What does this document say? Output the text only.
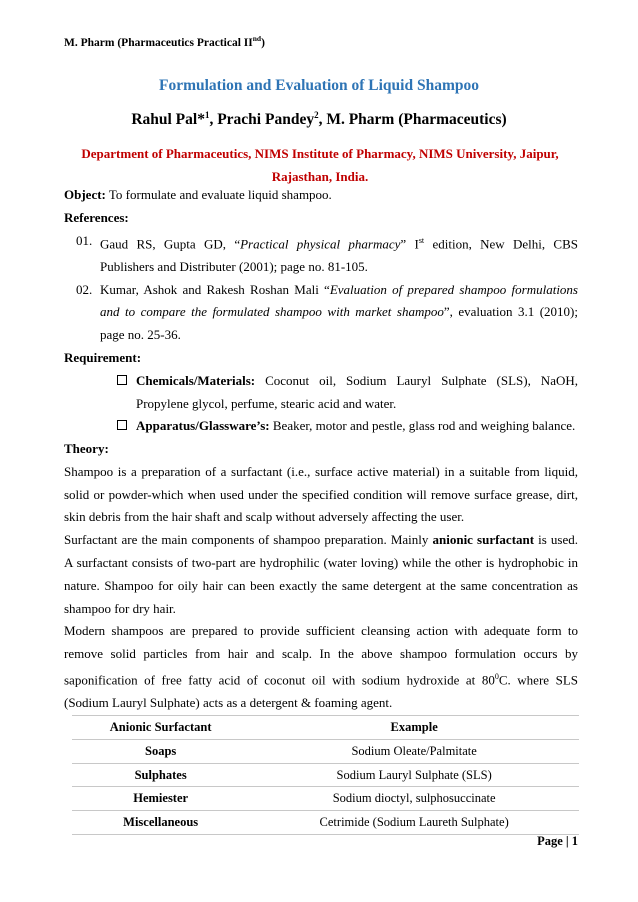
M. Pharm (Pharmaceutics Practical IInd)
Formulation and Evaluation of Liquid Shampoo
Rahul Pal*$^1$, Prachi Pandey$^2$, M. Pharm (Pharmaceutics)
Department of Pharmaceutics, NIMS Institute of Pharmacy, NIMS University, Jaipur,
Rajasthan, India.

Object: To formulate and evaluate liquid shampoo.

References:

01. Gaud RS, Gupta GD, “Practical physical pharmacy” Ist edition, New Delhi, CBS Publishers and Distributer (2001); page no. 81-105.
02. Kumar, Ashok and Rakesh Roshan Mali “Evaluation of prepared shampoo formulations and to compare the formulated shampoo with market shampoo”, evaluation 3.1 (2010); page no. 25-36.

Requirement:

Chemicals/Materials: Coconut oil, Sodium Lauryl Sulphate (SLS), NaOH, Propylene glycol, perfume, stearic acid and water.
Apparatus/Glassware’s: Beaker, motor and pestle, glass rod and weighing balance.

Theory:

Shampoo is a preparation of a surfactant (i.e., surface active material) in a suitable from liquid, solid or powder-which when used under the specified condition will remove surface grease, dirt, skin debris from the hair shaft and scalp without adversely affecting the user.

Surfactant are the main components of shampoo preparation. Mainly anionic surfactant is used. A surfactant consists of two-part are hydrophilic (water loving) while the other is hydrophobic in nature. Shampoo for oily hair can been exactly the same detergent at the same concentration as shampoo for dry hair.

Modern shampoos are prepared to provide sufficient cleansing action with adequate form to remove solid particles from hair and scalp. In the above shampoo formulation occurs by saponification of free fatty acid of coconut oil with sodium hydroxide at $80^0C$. where SLS (Sodium Lauryl Sulphate) acts as a detergent & foaming agent.

Anionic Surfactant	Example
Soaps	Sodium Oleate/Palmitate
Sulphates	Sodium Lauryl Sulphate (SLS)
Hemiester	Sodium dioctyl, sulphosuccinate
Miscellaneous	Cetrimide (Sodium Laureth Sulphate)
Page | 1
